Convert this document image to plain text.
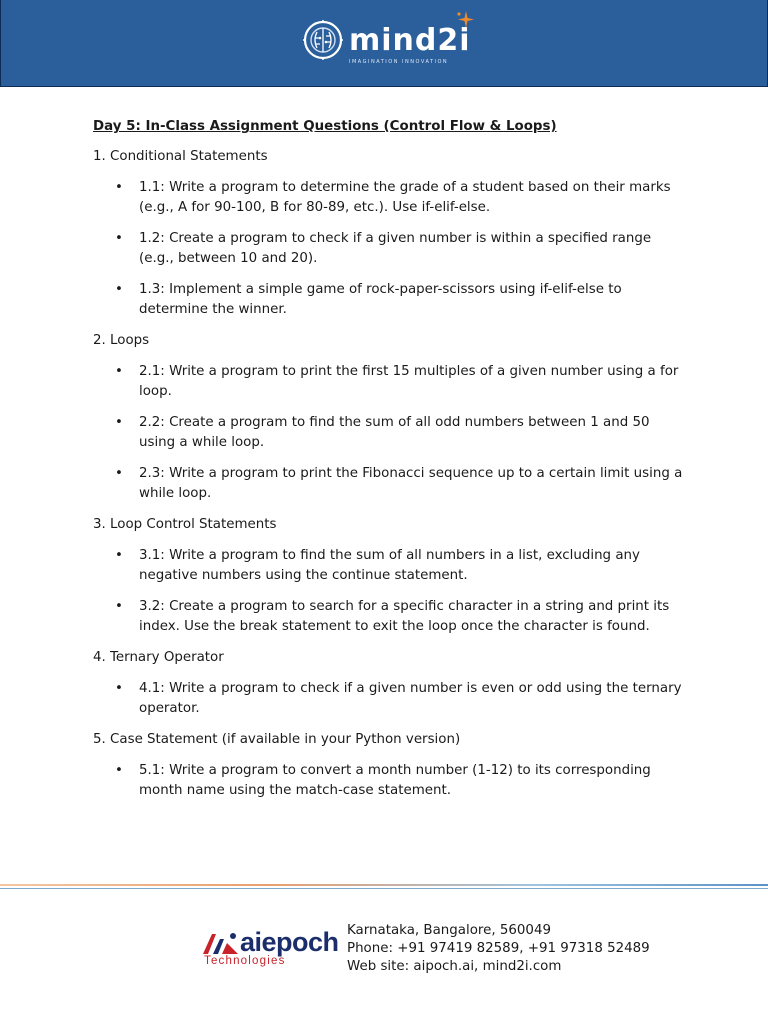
mind2i
IMAGINATION INNOVATION
Day 5: In-Class Assignment Questions (Control Flow & Loops)
1. Conditional Statements
• 1.1: Write a program to determine the grade of a student based on their marks (e.g., A for 90-100, B for 80-89, etc.). Use if-elif-else.
• 1.2: Create a program to check if a given number is within a specified range (e.g., between 10 and 20).
• 1.3: Implement a simple game of rock-paper-scissors using if-elif-else to determine the winner.
2. Loops
• 2.1: Write a program to print the first 15 multiples of a given number using a for loop.
• 2.2: Create a program to find the sum of all odd numbers between 1 and 50 using a while loop.
• 2.3: Write a program to print the Fibonacci sequence up to a certain limit using a while loop.
3. Loop Control Statements
• 3.1: Write a program to find the sum of all numbers in a list, excluding any negative numbers using the continue statement.
• 3.2: Create a program to search for a specific character in a string and print its index. Use the break statement to exit the loop once the character is found.
4. Ternary Operator
• 4.1: Write a program to check if a given number is even or odd using the ternary operator.
5. Case Statement (if available in your Python version)
• 5.1: Write a program to convert a month number (1-12) to its corresponding month name using the match-case statement.
aiepoch
Technologies
Karnataka, Bangalore, 560049
Phone: +91 97419 82589, +91 97318 52489
Web site: aipoch.ai, mind2i.com
